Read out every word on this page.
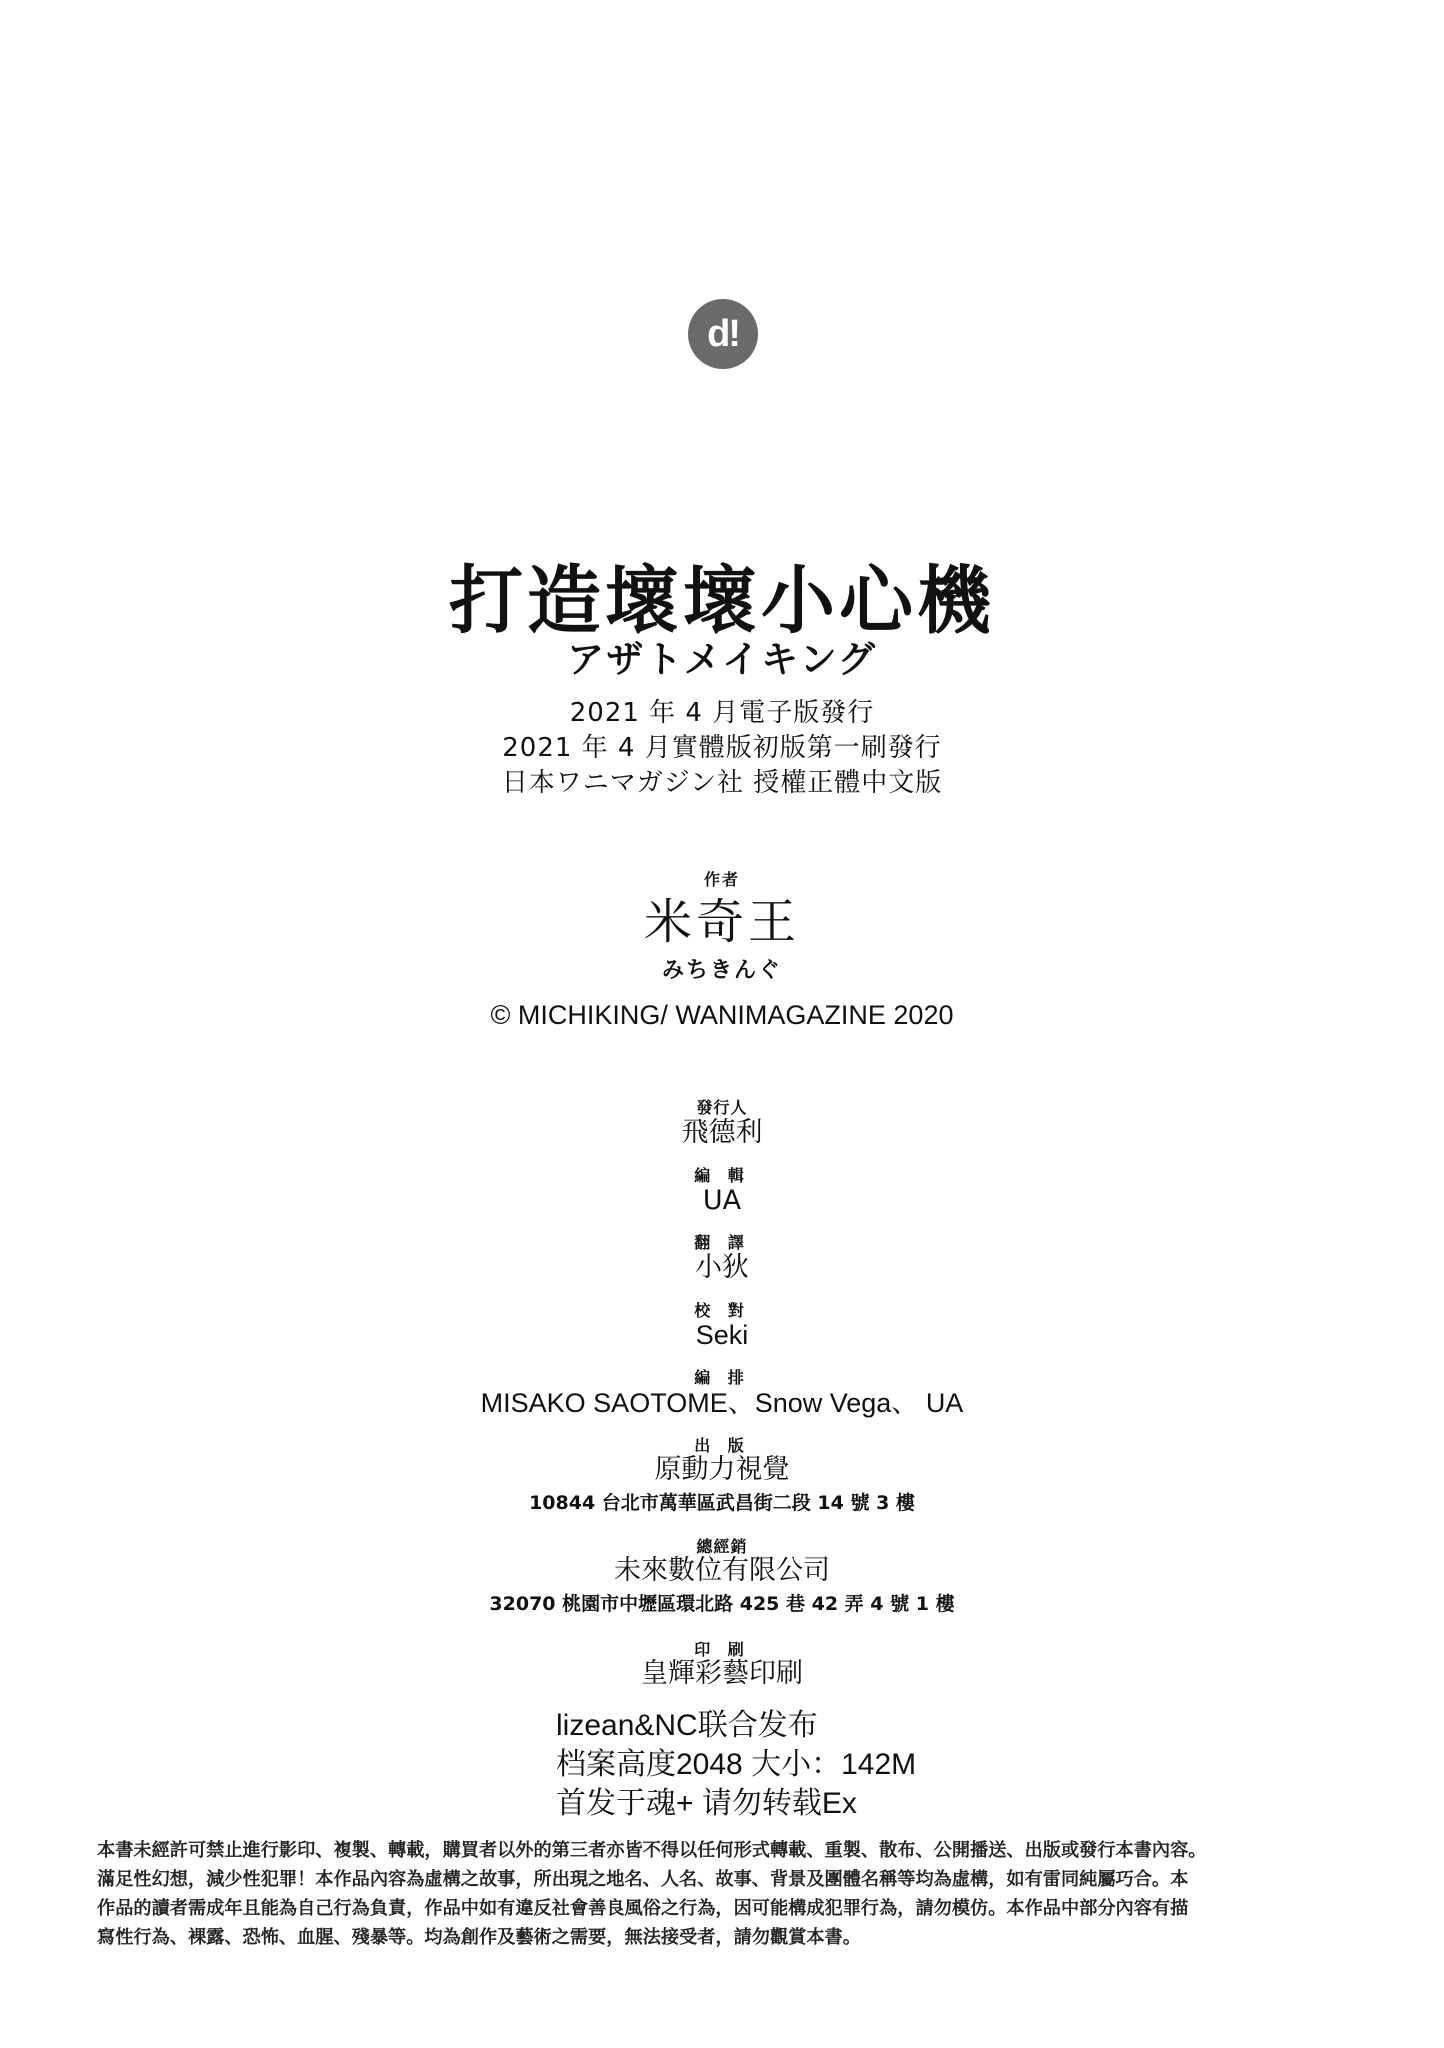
d!
打造壞壞小心機
アザトメイキング
2021 年 4 月電子版發行
2021 年 4 月實體版初版第一刷發行
日本ワニマガジン社 授權正體中文版
作者
米奇王
みちきんぐ
© MICHIKING/ WANIMAGAZINE 2020
發行人
飛德利
編 輯
UA
翻 譯
小狄
校 對
Seki
編 排
MISAKO SAOTOME、Snow Vega、 UA
出 版
原動力視覺
10844 台北市萬華區武昌街二段 14 號 3 樓
總經銷
未來數位有限公司
32070 桃園市中壢區環北路 425 巷 42 弄 4 號 1 樓
印 刷
皇輝彩藝印刷
lizean&NC联合发布
档案高度2048 大小：142M
首发于魂+ 请勿转载Ex
本書未經許可禁止進行影印、複製、轉載，購買者以外的第三者亦皆不得以任何形式轉載、重製、散布、公開播送、出版或發行本書內容。
滿足性幻想，減少性犯罪！本作品內容為虛構之故事，所出現之地名、人名、故事、背景及團體名稱等均為虛構，如有雷同純屬巧合。本
作品的讀者需成年且能為自己行為負責，作品中如有違反社會善良風俗之行為，因可能構成犯罪行為，請勿模仿。本作品中部分內容有描
寫性行為、裸露、恐怖、血腥、殘暴等。均為創作及藝術之需要，無法接受者，請勿觀賞本書。
